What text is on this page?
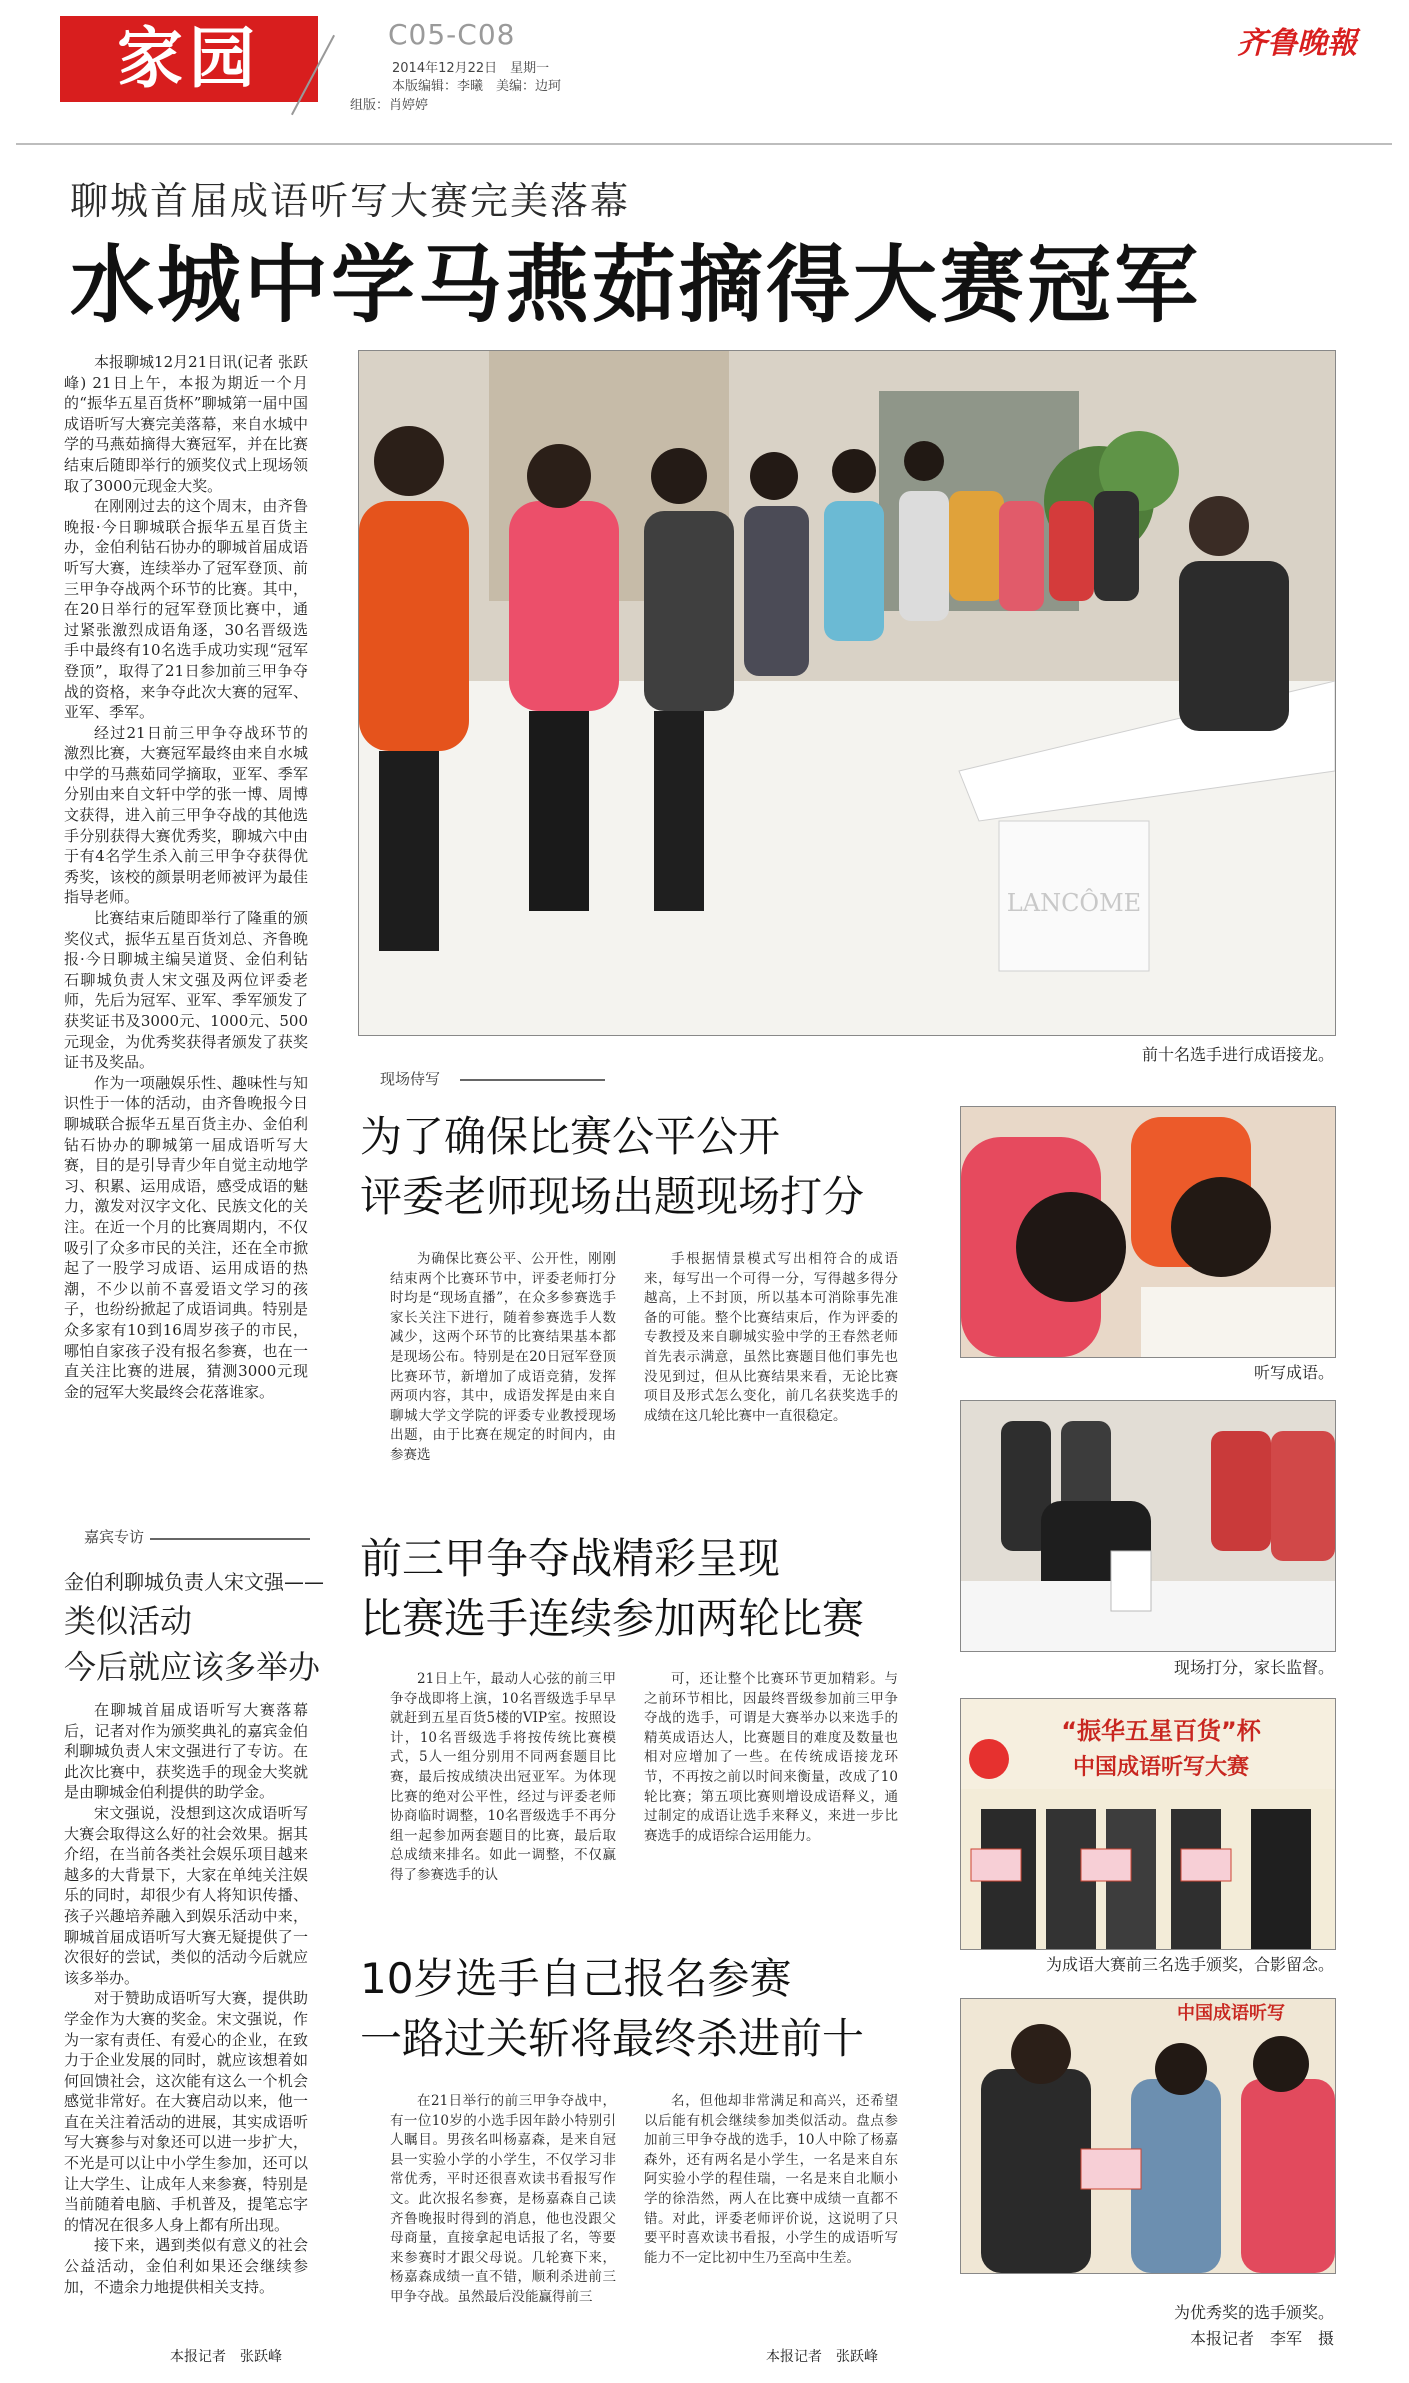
家园	C05-C08
2014年12月22日　星期一
本版编辑：李曦　美编：边珂
组版：肖婷婷
齐鲁晚報
聊城首届成语听写大赛完美落幕
水城中学马燕茹摘得大赛冠军

本报聊城12月21日讯(记者 张跃峰) 21日上午，本报为期近一个月的“振华五星百货杯”聊城第一届中国成语听写大赛完美落幕，来自水城中学的马燕茹摘得大赛冠军，并在比赛结束后随即举行的颁奖仪式上现场领取了3000元现金大奖。

在刚刚过去的这个周末，由齐鲁晚报·今日聊城联合振华五星百货主办，金伯利钻石协办的聊城首届成语听写大赛，连续举办了冠军登顶、前三甲争夺战两个环节的比赛。其中，在20日举行的冠军登顶比赛中，通过紧张激烈成语角逐，30名晋级选手中最终有10名选手成功实现“冠军登顶”，取得了21日参加前三甲争夺战的资格，来争夺此次大赛的冠军、亚军、季军。

经过21日前三甲争夺战环节的激烈比赛，大赛冠军最终由来自水城中学的马燕茹同学摘取，亚军、季军分别由来自文轩中学的张一博、周博文获得，进入前三甲争夺战的其他选手分别获得大赛优秀奖，聊城六中由于有4名学生杀入前三甲争夺获得优秀奖，该校的颜景明老师被评为最佳指导老师。

比赛结束后随即举行了隆重的颁奖仪式，振华五星百货刘总、齐鲁晚报·今日聊城主编吴道贤、金伯利钻石聊城负责人宋文强及两位评委老师，先后为冠军、亚军、季军颁发了获奖证书及3000元、1000元、500元现金，为优秀奖获得者颁发了获奖证书及奖品。

作为一项融娱乐性、趣味性与知识性于一体的活动，由齐鲁晚报今日聊城联合振华五星百货主办、金伯利钻石协办的聊城第一届成语听写大赛，目的是引导青少年自觉主动地学习、积累、运用成语，感受成语的魅力，激发对汉字文化、民族文化的关注。在近一个月的比赛周期内，不仅吸引了众多市民的关注，还在全市掀起了一股学习成语、运用成语的热潮，不少以前不喜爱语文学习的孩子，也纷纷掀起了成语词典。特别是众多家有10到16周岁孩子的市民，哪怕自家孩子没有报名参赛，也在一直关注比赛的进展，猜测3000元现金的冠军大奖最终会花落谁家。

嘉宾专访
金伯利聊城负责人宋文强——
类似活动
今后就应该多举办

在聊城首届成语听写大赛落幕后，记者对作为颁奖典礼的嘉宾金伯利聊城负责人宋文强进行了专访。在此次比赛中，获奖选手的现金大奖就是由聊城金伯利提供的助学金。

宋文强说，没想到这次成语听写大赛会取得这么好的社会效果。据其介绍，在当前各类社会娱乐项目越来越多的大背景下，大家在单纯关注娱乐的同时，却很少有人将知识传播、孩子兴趣培养融入到娱乐活动中来，聊城首届成语听写大赛无疑提供了一次很好的尝试，类似的活动今后就应该多举办。

对于赞助成语听写大赛，提供助学金作为大赛的奖金。宋文强说，作为一家有责任、有爱心的企业，在致力于企业发展的同时，就应该想着如何回馈社会，这次能有这么一个机会感觉非常好。在大赛启动以来，他一直在关注着活动的进展，其实成语听写大赛参与对象还可以进一步扩大，不光是可以让中小学生参加，还可以让大学生、让成年人来参赛，特别是当前随着电脑、手机普及，提笔忘字的情况在很多人身上都有所出现。

接下来，遇到类似有意义的社会公益活动，金伯利如果还会继续参加，不遗余力地提供相关支持。

本报记者　张跃峰
LANCÔME
前十名选手进行成语接龙。
现场侍写
为了确保比赛公平公开
评委老师现场出题现场打分

为确保比赛公平、公开性，刚刚结束两个比赛环节中，评委老师打分时均是“现场直播”，在众多参赛选手家长关注下进行，随着参赛选手人数减少，这两个环节的比赛结果基本都是现场公布。特别是在20日冠军登顶比赛环节，新增加了成语竞猜，发挥两项内容，其中，成语发挥是由来自聊城大学文学院的评委专业教授现场出题，由于比赛在规定的时间内，由参赛选

手根据情景模式写出相符合的成语来，每写出一个可得一分，写得越多得分越高，上不封顶，所以基本可消除事先准备的可能。整个比赛结束后，作为评委的专教授及来自聊城实验中学的王春然老师首先表示满意，虽然比赛题目他们事先也没见到过，但从比赛结果来看，无论比赛项目及形式怎么变化，前几名获奖选手的成绩在这几轮比赛中一直很稳定。

前三甲争夺战精彩呈现
比赛选手连续参加两轮比赛

21日上午，最动人心弦的前三甲争夺战即将上演，10名晋级选手早早就赶到五星百货5楼的VIP室。按照设计，10名晋级选手将按传统比赛模式，5人一组分别用不同两套题目比赛，最后按成绩决出冠亚军。为体现比赛的绝对公平性，经过与评委老师协商临时调整，10名晋级选手不再分组一起参加两套题目的比赛，最后取总成绩来排名。如此一调整，不仅赢得了参赛选手的认

可，还让整个比赛环节更加精彩。与之前环节相比，因最终晋级参加前三甲争夺战的选手，可谓是大赛举办以来选手的精英成语达人，比赛题目的难度及数量也相对应增加了一些。在传统成语接龙环节，不再按之前以时间来衡量，改成了10轮比赛；第五项比赛则增设成语释义，通过制定的成语让选手来释义，来进一步比赛选手的成语综合运用能力。

10岁选手自己报名参赛
一路过关斩将最终杀进前十

在21日举行的前三甲争夺战中，有一位10岁的小选手因年龄小特别引人瞩目。男孩名叫杨嘉森，是来自冠县一实验小学的小学生，不仅学习非常优秀，平时还很喜欢读书看报写作文。此次报名参赛，是杨嘉森自己读齐鲁晚报时得到的消息，他也没跟父母商量，直接拿起电话报了名，等要来参赛时才跟父母说。几轮赛下来，杨嘉森成绩一直不错，顺利杀进前三甲争夺战。虽然最后没能赢得前三

名，但他却非常满足和高兴，还希望以后能有机会继续参加类似活动。盘点参加前三甲争夺战的选手，10人中除了杨嘉森外，还有两名是小学生，一名是来自东阿实验小学的程佳瑞，一名是来自北顺小学的徐浩然，两人在比赛中成绩一直都不错。对此，评委老师评价说，这说明了只要平时喜欢读书看报，小学生的成语听写能力不一定比初中生乃至高中生差。

本报记者　张跃峰
听写成语。
现场打分，家长监督。
“振华五星百货”杯
中国成语听写大赛
为成语大赛前三名选手颁奖，合影留念。
中国成语听写
为优秀奖的选手颁奖。
本报记者　李军　摄
